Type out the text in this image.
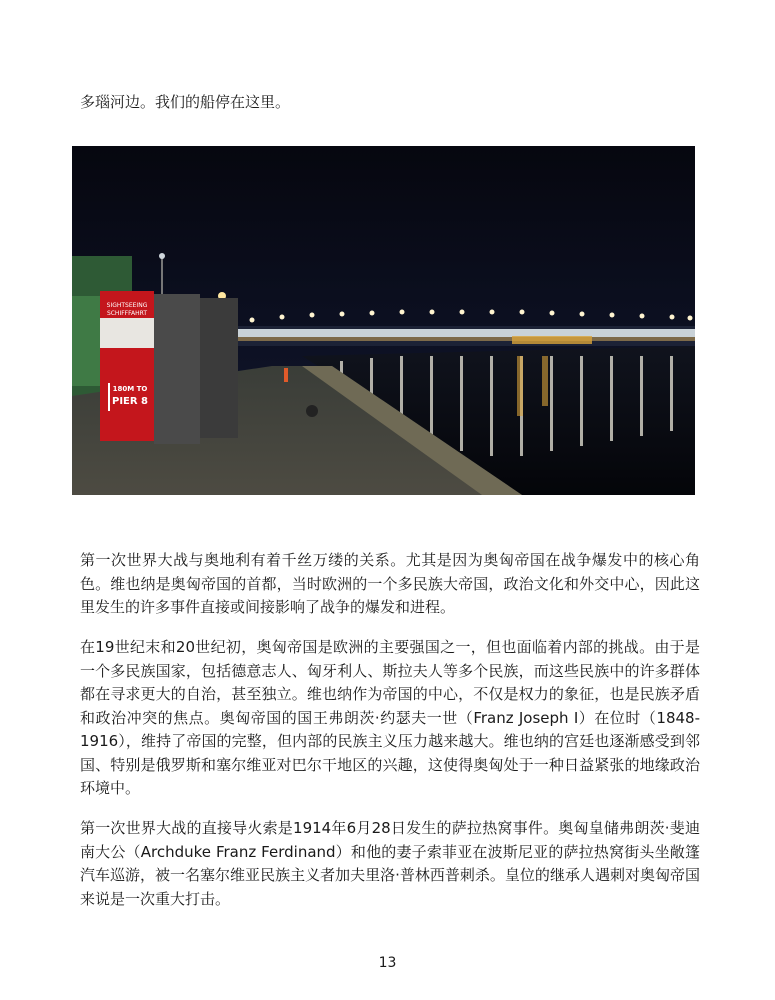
多瑙河边。我们的船停在这里。
SIGHTSEEING
SCHIFFFAHRT
180M TO
PIER 8

第一次世界大战与奥地利有着千丝万缕的关系。尤其是因为奥匈帝国在战争爆发中的核心角色。维也纳是奥匈帝国的首都，当时欧洲的一个多民族大帝国，政治文化和外交中心，因此这里发生的许多事件直接或间接影响了战争的爆发和进程。

在19世纪末和20世纪初，奥匈帝国是欧洲的主要强国之一，但也面临着内部的挑战。由于是一个多民族国家，包括德意志人、匈牙利人、斯拉夫人等多个民族，而这些民族中的许多群体都在寻求更大的自治，甚至独立。维也纳作为帝国的中心，不仅是权力的象征，也是民族矛盾和政治冲突的焦点。奥匈帝国的国王弗朗茨·约瑟夫一世（Franz Joseph I）在位时（1848-1916），维持了帝国的完整，但内部的民族主义压力越来越大。维也纳的宫廷也逐渐感受到邻国、特别是俄罗斯和塞尔维亚对巴尔干地区的兴趣，这使得奥匈处于一种日益紧张的地缘政治环境中。

第一次世界大战的直接导火索是1914年6月28日发生的萨拉热窝事件。奥匈皇储弗朗茨·斐迪南大公（Archduke Franz Ferdinand）和他的妻子索菲亚在波斯尼亚的萨拉热窝街头坐敞篷汽车巡游，被一名塞尔维亚民族主义者加夫里洛·普林西普刺杀。皇位的继承人遇刺对奥匈帝国来说是一次重大打击。

13
